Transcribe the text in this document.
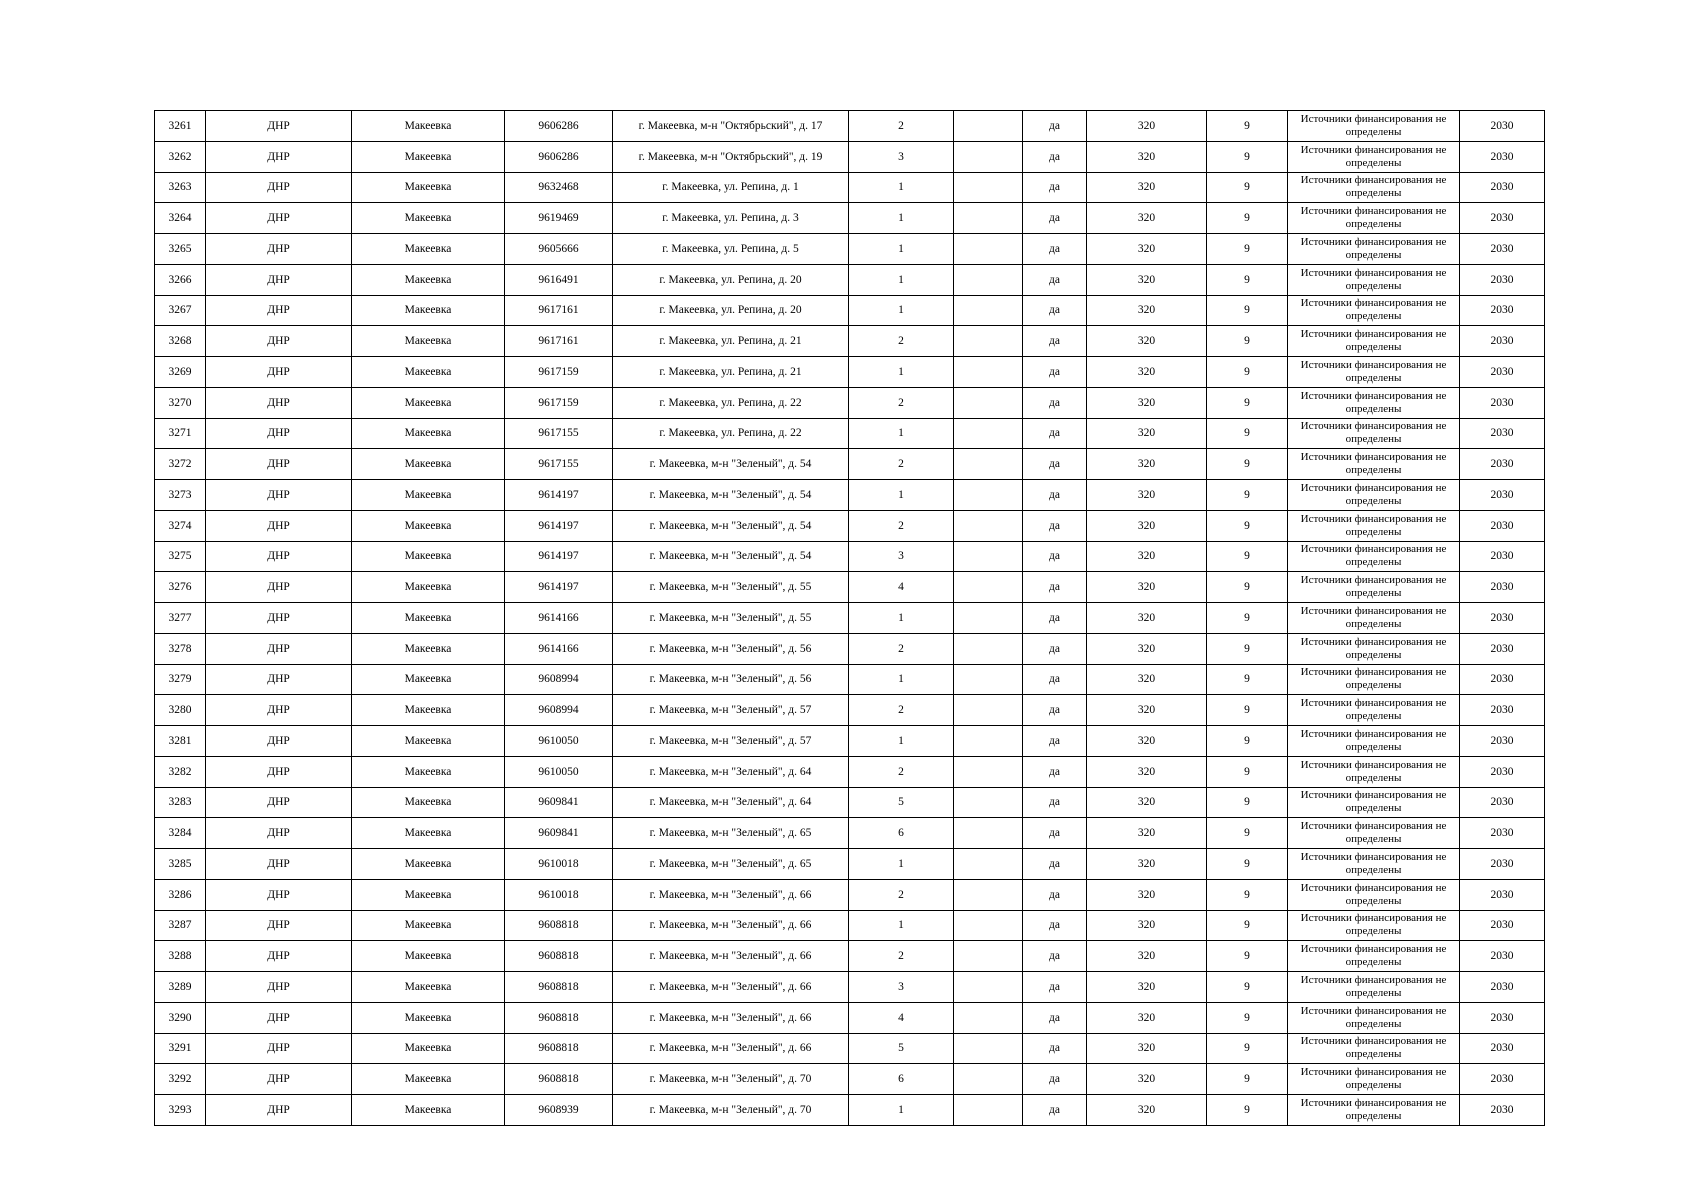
3261	ДНР	Макеевка	9606286	г. Макеевка, м-н "Октябрьский", д. 17	2		да	320	9	Источники финансирования не определены	2030
3262	ДНР	Макеевка	9606286	г. Макеевка, м-н "Октябрьский", д. 19	3		да	320	9	Источники финансирования не определены	2030
3263	ДНР	Макеевка	9632468	г. Макеевка, ул. Репина, д. 1	1		да	320	9	Источники финансирования не определены	2030
3264	ДНР	Макеевка	9619469	г. Макеевка, ул. Репина, д. 3	1		да	320	9	Источники финансирования не определены	2030
3265	ДНР	Макеевка	9605666	г. Макеевка, ул. Репина, д. 5	1		да	320	9	Источники финансирования не определены	2030
3266	ДНР	Макеевка	9616491	г. Макеевка, ул. Репина, д. 20	1		да	320	9	Источники финансирования не определены	2030
3267	ДНР	Макеевка	9617161	г. Макеевка, ул. Репина, д. 20	1		да	320	9	Источники финансирования не определены	2030
3268	ДНР	Макеевка	9617161	г. Макеевка, ул. Репина, д. 21	2		да	320	9	Источники финансирования не определены	2030
3269	ДНР	Макеевка	9617159	г. Макеевка, ул. Репина, д. 21	1		да	320	9	Источники финансирования не определены	2030
3270	ДНР	Макеевка	9617159	г. Макеевка, ул. Репина, д. 22	2		да	320	9	Источники финансирования не определены	2030
3271	ДНР	Макеевка	9617155	г. Макеевка, ул. Репина, д. 22	1		да	320	9	Источники финансирования не определены	2030
3272	ДНР	Макеевка	9617155	г. Макеевка, м-н "Зеленый", д. 54	2		да	320	9	Источники финансирования не определены	2030
3273	ДНР	Макеевка	9614197	г. Макеевка, м-н "Зеленый", д. 54	1		да	320	9	Источники финансирования не определены	2030
3274	ДНР	Макеевка	9614197	г. Макеевка, м-н "Зеленый", д. 54	2		да	320	9	Источники финансирования не определены	2030
3275	ДНР	Макеевка	9614197	г. Макеевка, м-н "Зеленый", д. 54	3		да	320	9	Источники финансирования не определены	2030
3276	ДНР	Макеевка	9614197	г. Макеевка, м-н "Зеленый", д. 55	4		да	320	9	Источники финансирования не определены	2030
3277	ДНР	Макеевка	9614166	г. Макеевка, м-н "Зеленый", д. 55	1		да	320	9	Источники финансирования не определены	2030
3278	ДНР	Макеевка	9614166	г. Макеевка, м-н "Зеленый", д. 56	2		да	320	9	Источники финансирования не определены	2030
3279	ДНР	Макеевка	9608994	г. Макеевка, м-н "Зеленый", д. 56	1		да	320	9	Источники финансирования не определены	2030
3280	ДНР	Макеевка	9608994	г. Макеевка, м-н "Зеленый", д. 57	2		да	320	9	Источники финансирования не определены	2030
3281	ДНР	Макеевка	9610050	г. Макеевка, м-н "Зеленый", д. 57	1		да	320	9	Источники финансирования не определены	2030
3282	ДНР	Макеевка	9610050	г. Макеевка, м-н "Зеленый", д. 64	2		да	320	9	Источники финансирования не определены	2030
3283	ДНР	Макеевка	9609841	г. Макеевка, м-н "Зеленый", д. 64	5		да	320	9	Источники финансирования не определены	2030
3284	ДНР	Макеевка	9609841	г. Макеевка, м-н "Зеленый", д. 65	6		да	320	9	Источники финансирования не определены	2030
3285	ДНР	Макеевка	9610018	г. Макеевка, м-н "Зеленый", д. 65	1		да	320	9	Источники финансирования не определены	2030
3286	ДНР	Макеевка	9610018	г. Макеевка, м-н "Зеленый", д. 66	2		да	320	9	Источники финансирования не определены	2030
3287	ДНР	Макеевка	9608818	г. Макеевка, м-н "Зеленый", д. 66	1		да	320	9	Источники финансирования не определены	2030
3288	ДНР	Макеевка	9608818	г. Макеевка, м-н "Зеленый", д. 66	2		да	320	9	Источники финансирования не определены	2030
3289	ДНР	Макеевка	9608818	г. Макеевка, м-н "Зеленый", д. 66	3		да	320	9	Источники финансирования не определены	2030
3290	ДНР	Макеевка	9608818	г. Макеевка, м-н "Зеленый", д. 66	4		да	320	9	Источники финансирования не определены	2030
3291	ДНР	Макеевка	9608818	г. Макеевка, м-н "Зеленый", д. 66	5		да	320	9	Источники финансирования не определены	2030
3292	ДНР	Макеевка	9608818	г. Макеевка, м-н "Зеленый", д. 70	6		да	320	9	Источники финансирования не определены	2030
3293	ДНР	Макеевка	9608939	г. Макеевка, м-н "Зеленый", д. 70	1		да	320	9	Источники финансирования не определены	2030
